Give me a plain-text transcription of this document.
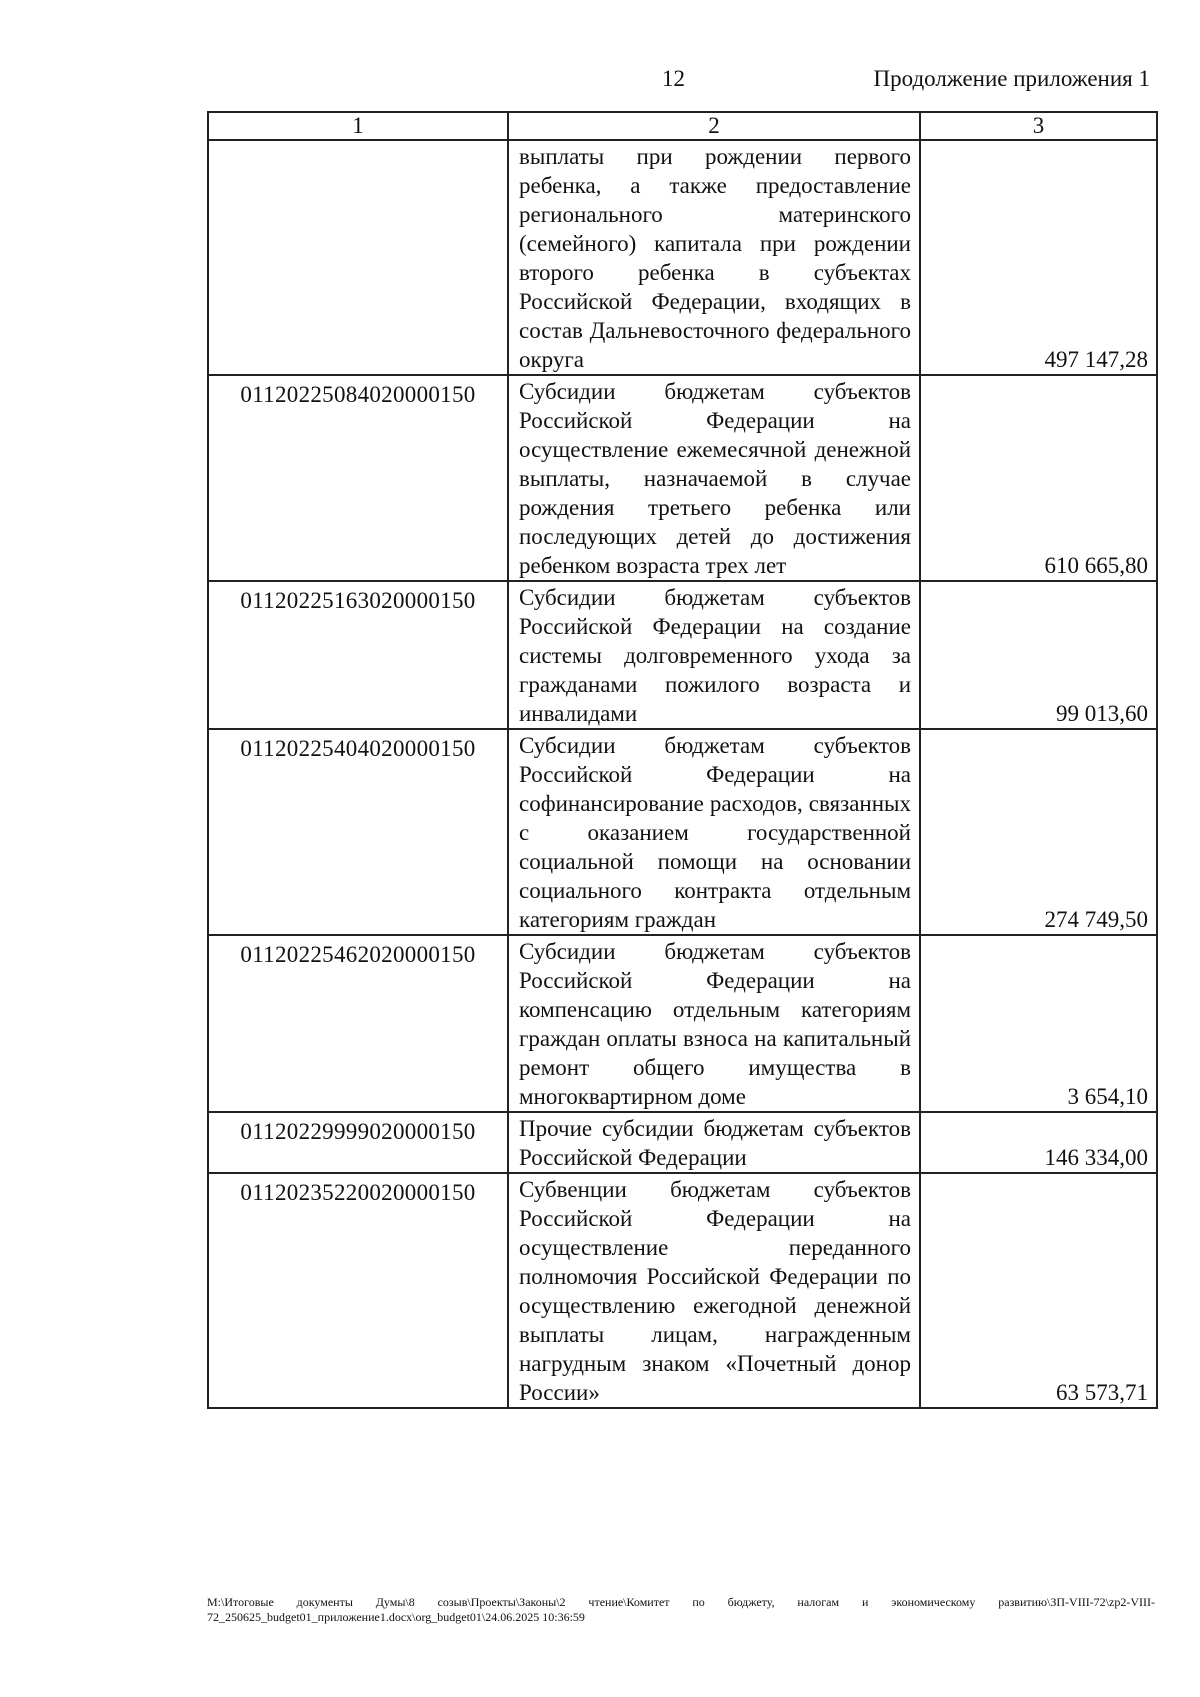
12	Продолжение приложения 1
1	2	3

	выплаты при рождении первого ребенка, а также предоставление регионального материнского (семейного) капитала при рождении второго ребенка в субъектах Российской Федерации, входящих в состав Дальневосточного федерального округа	497 147,28

01120225084020000150	Субсидии бюджетам субъектов Российской Федерации на осуществление ежемесячной денежной выплаты, назначаемой в случае рождения третьего ребенка или последующих детей до достижения ребенком возраста трех лет	610 665,80

01120225163020000150	Субсидии бюджетам субъектов Российской Федерации на создание системы долговременного ухода за гражданами пожилого возраста и инвалидами	99 013,60

01120225404020000150	Субсидии бюджетам субъектов Российской Федерации на софинансирование расходов, связанных с оказанием государственной социальной помощи на основании социального контракта отдельным категориям граждан	274 749,50

01120225462020000150	Субсидии бюджетам субъектов Российской Федерации на компенсацию отдельным категориям граждан оплаты взноса на капитальный ремонт общего имущества в многоквартирном доме	3 654,10

01120229999020000150	Прочие субсидии бюджетам субъектов Российской Федерации	146 334,00

01120235220020000150	Субвенции бюджетам субъектов Российской Федерации на осуществление переданного полномочия Российской Федерации по осуществлению ежегодной денежной выплаты лицам, награжденным нагрудным знаком «Почетный донор России»	63 573,71
M:\Итоговые документы Думы\8 созыв\Проекты\Законы\2 чтение\Комитет по бюджету, налогам и экономическому развитию\ЗП-VIII-72\zp2-VIII-72_250625_budget01_приложение1.docx\org_budget01\24.06.2025 10:36:59
